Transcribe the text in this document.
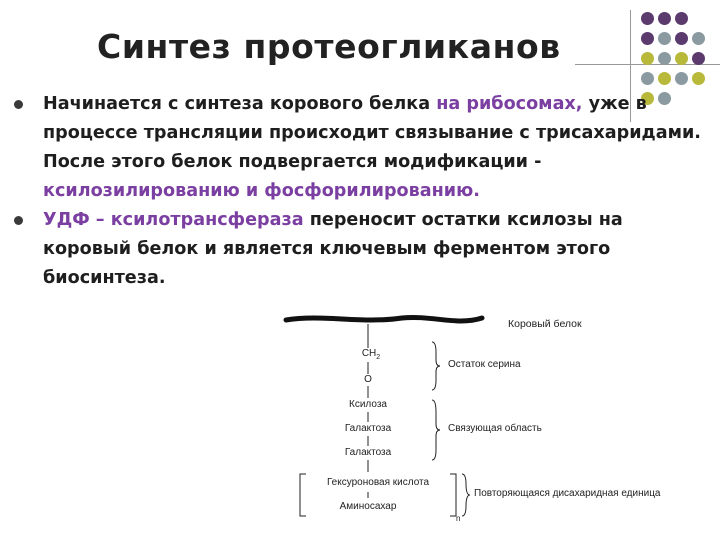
Синтез протеогликанов
Начинается с синтеза корового белка на рибосомах, уже в процессе трансляции происходит связывание с трисахаридами. После этого белок подвергается модификации - ксилозилированию и фосфорилированию.
УДФ – ксилотрансфераза переносит остатки ксилозы на коровый белок и является ключевым ферментом этого биосинтеза.
Коровый белок
$CH_2$
O
Ксилоза
Галактоза
Галактоза
Гексуроновая кислота
Аминосахар
n
Остаток серина
Связующая область
Повторяющаяся дисахаридная единица
